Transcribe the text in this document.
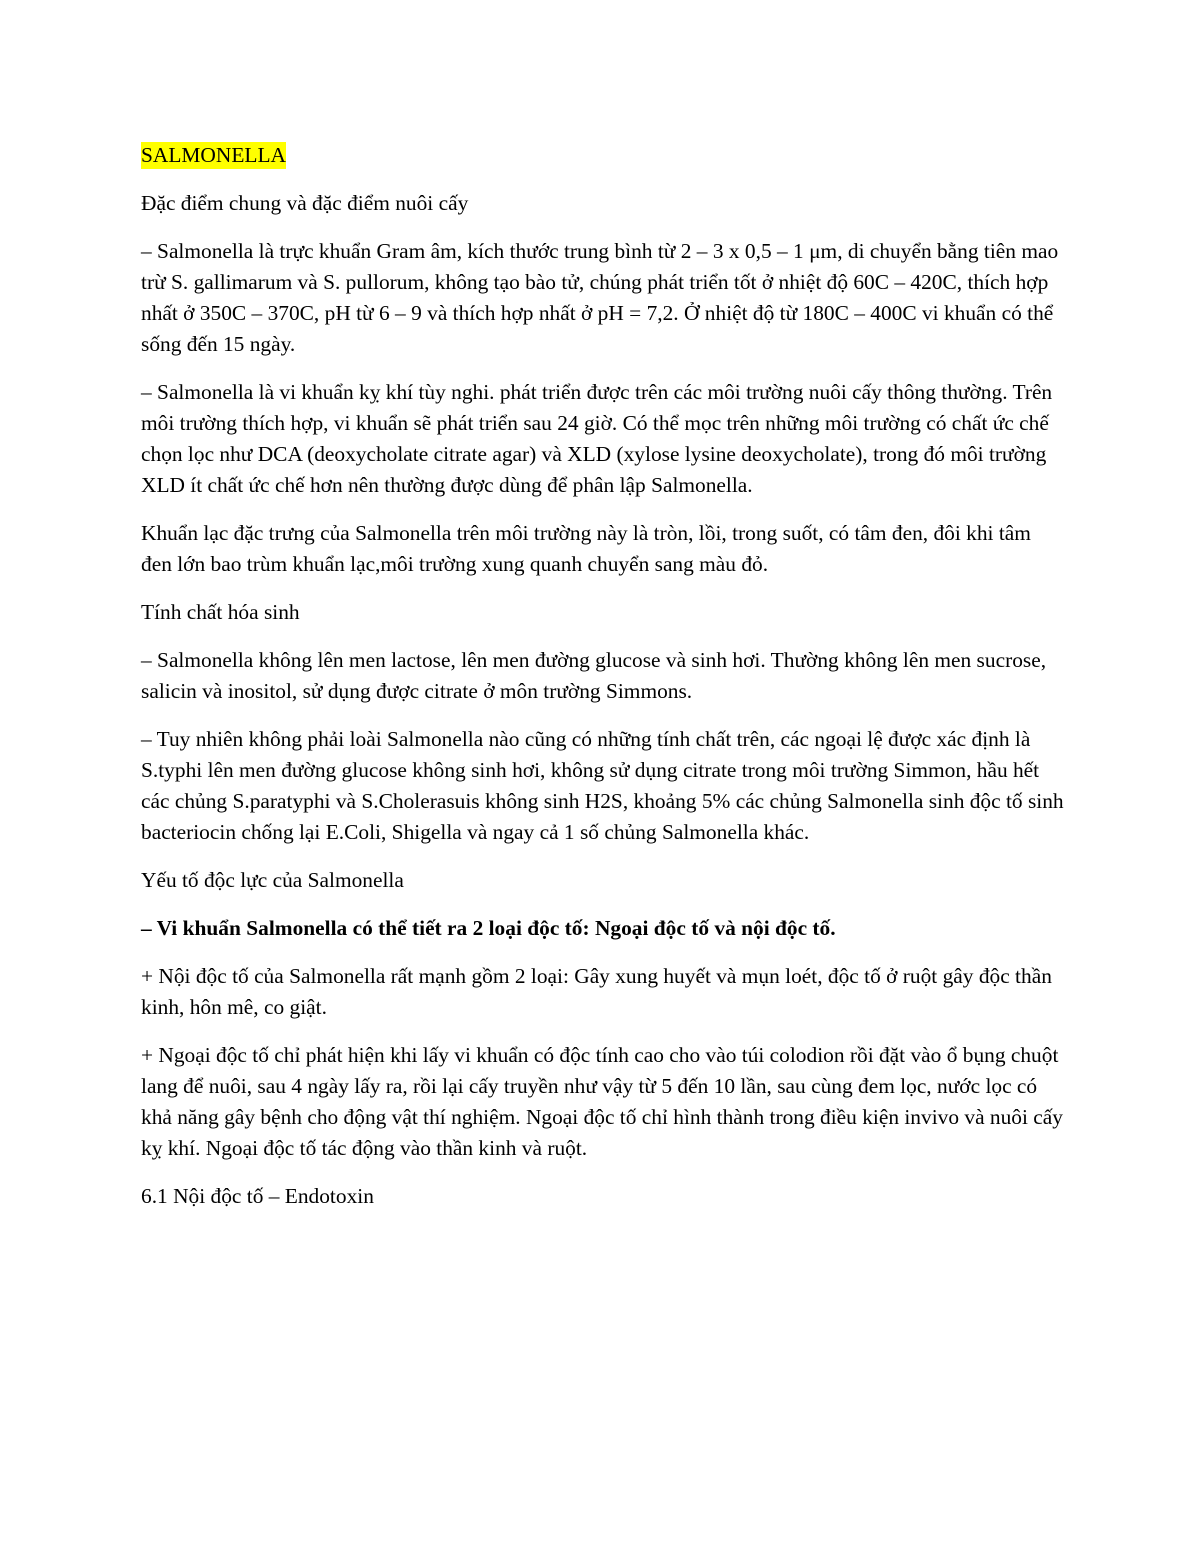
SALMONELLA

Đặc điểm chung và đặc điểm nuôi cấy

– Salmonella là trực khuẩn Gram âm, kích thước trung bình từ 2 – 3 x 0,5 – 1 μm, di chuyển bằng tiên mao trừ S. gallimarum và S. pullorum, không tạo bào tử, chúng phát triển tốt ở nhiệt độ 60C – 420C, thích hợp nhất ở 350C – 370C, pH từ 6 – 9 và thích hợp nhất ở pH = 7,2. Ở nhiệt độ từ 180C – 400C vi khuẩn có thể sống đến 15 ngày.

– Salmonella là vi khuẩn kỵ khí tùy nghi. phát triển được trên các môi trường nuôi cấy thông thường. Trên môi trường thích hợp, vi khuẩn sẽ phát triển sau 24 giờ. Có thể mọc trên những môi trường có chất ức chế chọn lọc như DCA (deoxycholate citrate agar) và XLD (xylose lysine deoxycholate), trong đó môi trường XLD ít chất ức chế hơn nên thường được dùng để phân lập Salmonella.

Khuẩn lạc đặc trưng của Salmonella trên môi trường này là tròn, lồi, trong suốt, có tâm đen, đôi khi tâm đen lớn bao trùm khuẩn lạc,môi trường xung quanh chuyển sang màu đỏ.

Tính chất hóa sinh

– Salmonella không lên men lactose, lên men đường glucose và sinh hơi. Thường không lên men sucrose, salicin và inositol, sử dụng được citrate ở môn trường Simmons.

– Tuy nhiên không phải loài Salmonella nào cũng có những tính chất trên, các ngoại lệ được xác định là S.typhi lên men đường glucose không sinh hơi, không sử dụng citrate trong môi trường Simmon, hầu hết các chủng S.paratyphi và S.Cholerasuis không sinh H2S, khoảng 5% các chủng Salmonella sinh độc tố sinh bacteriocin chống lại E.Coli, Shigella và ngay cả 1 số chủng Salmonella khác.

Yếu tố độc lực của Salmonella

– Vi khuẩn Salmonella có thể tiết ra 2 loại độc tố: Ngoại độc tố và nội độc tố.

+ Nội độc tố của Salmonella rất mạnh gồm 2 loại: Gây xung huyết và mụn loét, độc tố ở ruột gây độc thần kinh, hôn mê, co giật.

+ Ngoại độc tố chỉ phát hiện khi lấy vi khuẩn có độc tính cao cho vào túi colodion rồi đặt vào ổ bụng chuột lang để nuôi, sau 4 ngày lấy ra, rồi lại cấy truyền như vậy từ 5 đến 10 lần, sau cùng đem lọc, nước lọc có khả năng gây bệnh cho động vật thí nghiệm. Ngoại độc tố chỉ hình thành trong điều kiện invivo và nuôi cấy kỵ khí. Ngoại độc tố tác động vào thần kinh và ruột.

6.1 Nội độc tố – Endotoxin
